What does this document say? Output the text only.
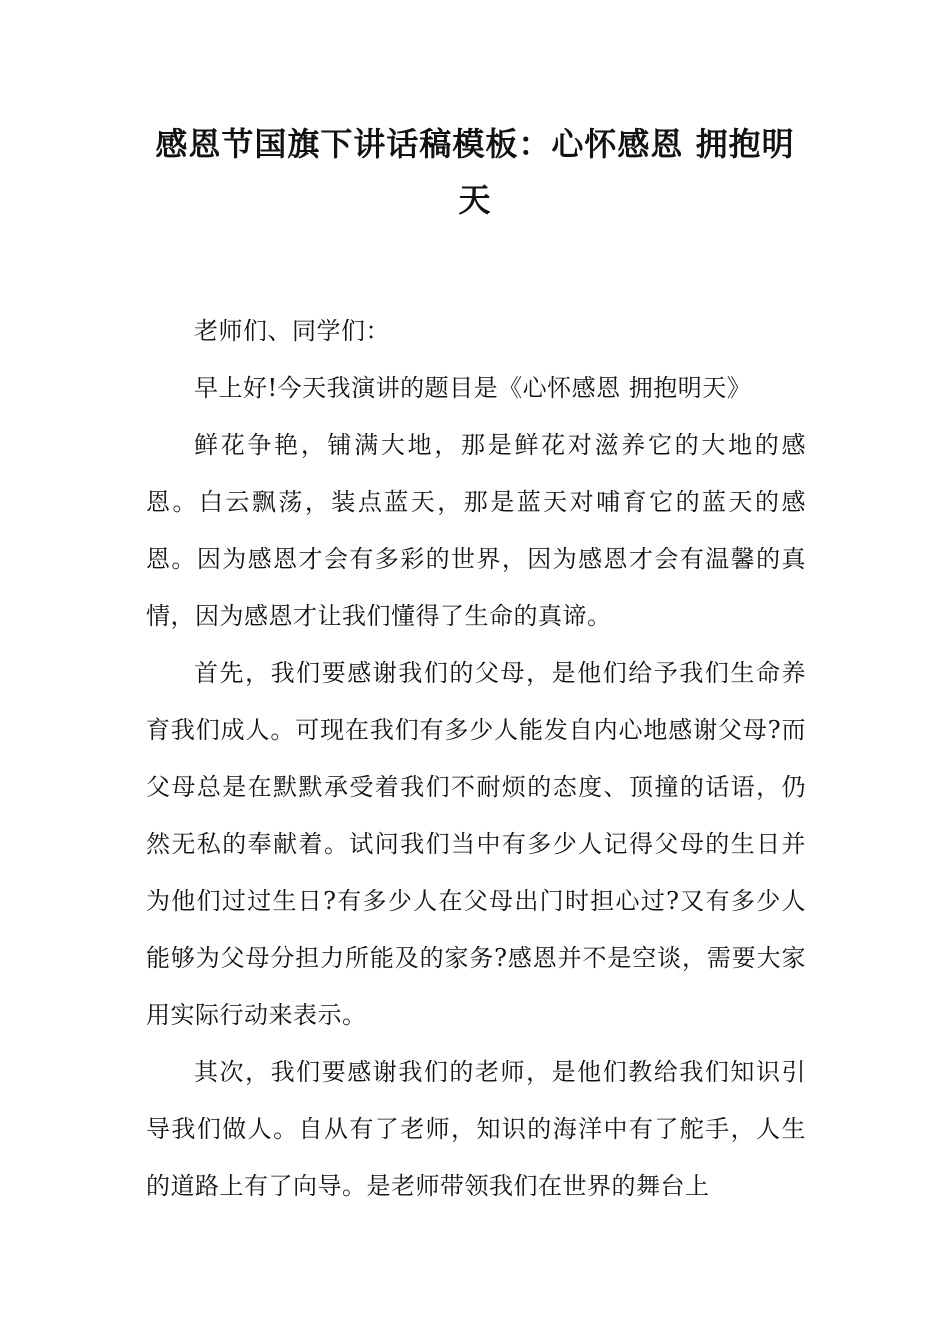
感恩节国旗下讲话稿模板：心怀感恩 拥抱明天

老师们、同学们：

早上好!今天我演讲的题目是《心怀感恩 拥抱明天》

鲜花争艳，铺满大地，那是鲜花对滋养它的大地的感恩。白云飘荡，装点蓝天，那是蓝天对哺育它的蓝天的感恩。因为感恩才会有多彩的世界，因为感恩才会有温馨的真情，因为感恩才让我们懂得了生命的真谛。

首先，我们要感谢我们的父母，是他们给予我们生命养育我们成人。可现在我们有多少人能发自内心地感谢父母?而父母总是在默默承受着我们不耐烦的态度、顶撞的话语，仍然无私的奉献着。试问我们当中有多少人记得父母的生日并为他们过过生日?有多少人在父母出门时担心过?又有多少人能够为父母分担力所能及的家务?感恩并不是空谈，需要大家用实际行动来表示。

其次，我们要感谢我们的老师，是他们教给我们知识引导我们做人。自从有了老师，知识的海洋中有了舵手，人生的道路上有了向导。是老师带领我们在世界的舞台上
